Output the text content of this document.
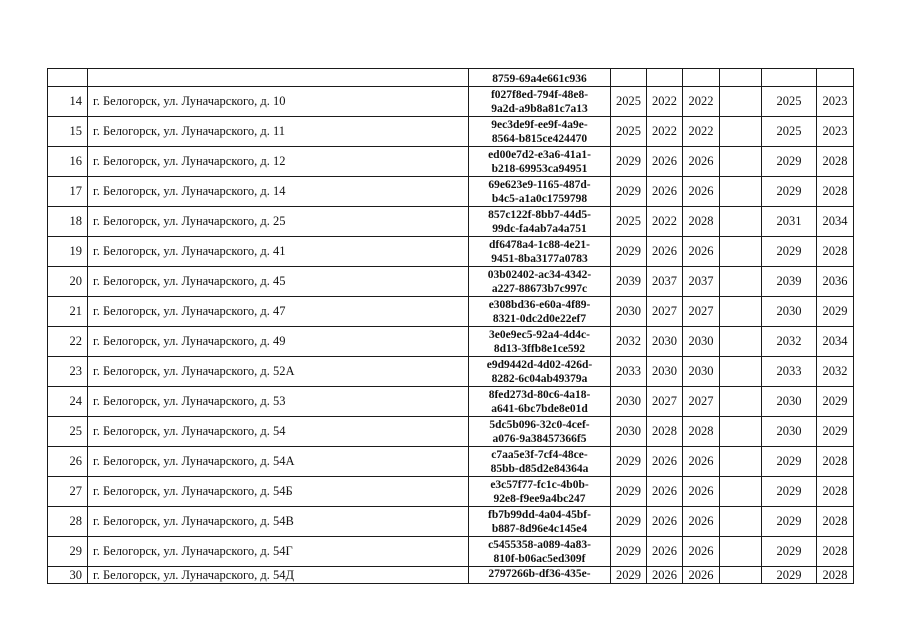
		8759-69a4e661c936						

14	г. Белогорск, ул. Луначарского, д. 10	f027f8ed-794f-48e8-
9a2d-a9b8a81c7a13	2025	2022	2022		2025	2023
15	г. Белогорск, ул. Луначарского, д. 11	9ec3de9f-ee9f-4a9e-
8564-b815ce424470	2025	2022	2022		2025	2023
16	г. Белогорск, ул. Луначарского, д. 12	ed00e7d2-e3a6-41a1-
b218-69953ca94951	2029	2026	2026		2029	2028
17	г. Белогорск, ул. Луначарского, д. 14	69e623e9-1165-487d-
b4c5-a1a0c1759798	2029	2026	2026		2029	2028
18	г. Белогорск, ул. Луначарского, д. 25	857c122f-8bb7-44d5-
99dc-fa4ab7a4a751	2025	2022	2028		2031	2034
19	г. Белогорск, ул. Луначарского, д. 41	df6478a4-1c88-4e21-
9451-8ba3177a0783	2029	2026	2026		2029	2028
20	г. Белогорск, ул. Луначарского, д. 45	03b02402-ac34-4342-
a227-88673b7c997c	2039	2037	2037		2039	2036
21	г. Белогорск, ул. Луначарского, д. 47	e308bd36-e60a-4f89-
8321-0dc2d0e22ef7	2030	2027	2027		2030	2029
22	г. Белогорск, ул. Луначарского, д. 49	3e0e9ec5-92a4-4d4c-
8d13-3ffb8e1ce592	2032	2030	2030		2032	2034
23	г. Белогорск, ул. Луначарского, д. 52А	e9d9442d-4d02-426d-
8282-6c04ab49379a	2033	2030	2030		2033	2032
24	г. Белогорск, ул. Луначарского, д. 53	8fed273d-80c6-4a18-
a641-6bc7bde8e01d	2030	2027	2027		2030	2029
25	г. Белогорск, ул. Луначарского, д. 54	5dc5b096-32c0-4cef-
a076-9a38457366f5	2030	2028	2028		2030	2029
26	г. Белогорск, ул. Луначарского, д. 54А	c7aa5e3f-7cf4-48ce-
85bb-d85d2e84364a	2029	2026	2026		2029	2028
27	г. Белогорск, ул. Луначарского, д. 54Б	e3c57f77-fc1c-4b0b-
92e8-f9ee9a4bc247	2029	2026	2026		2029	2028
28	г. Белогорск, ул. Луначарского, д. 54В	fb7b99dd-4a04-45bf-
b887-8d96e4c145e4	2029	2026	2026		2029	2028
29	г. Белогорск, ул. Луначарского, д. 54Г	c5455358-a089-4a83-
810f-b06ac5ed309f	2029	2026	2026		2029	2028
30	г. Белогорск, ул. Луначарского, д. 54Д	2797266b-df36-435e-	2029	2026	2026		2029	2028
